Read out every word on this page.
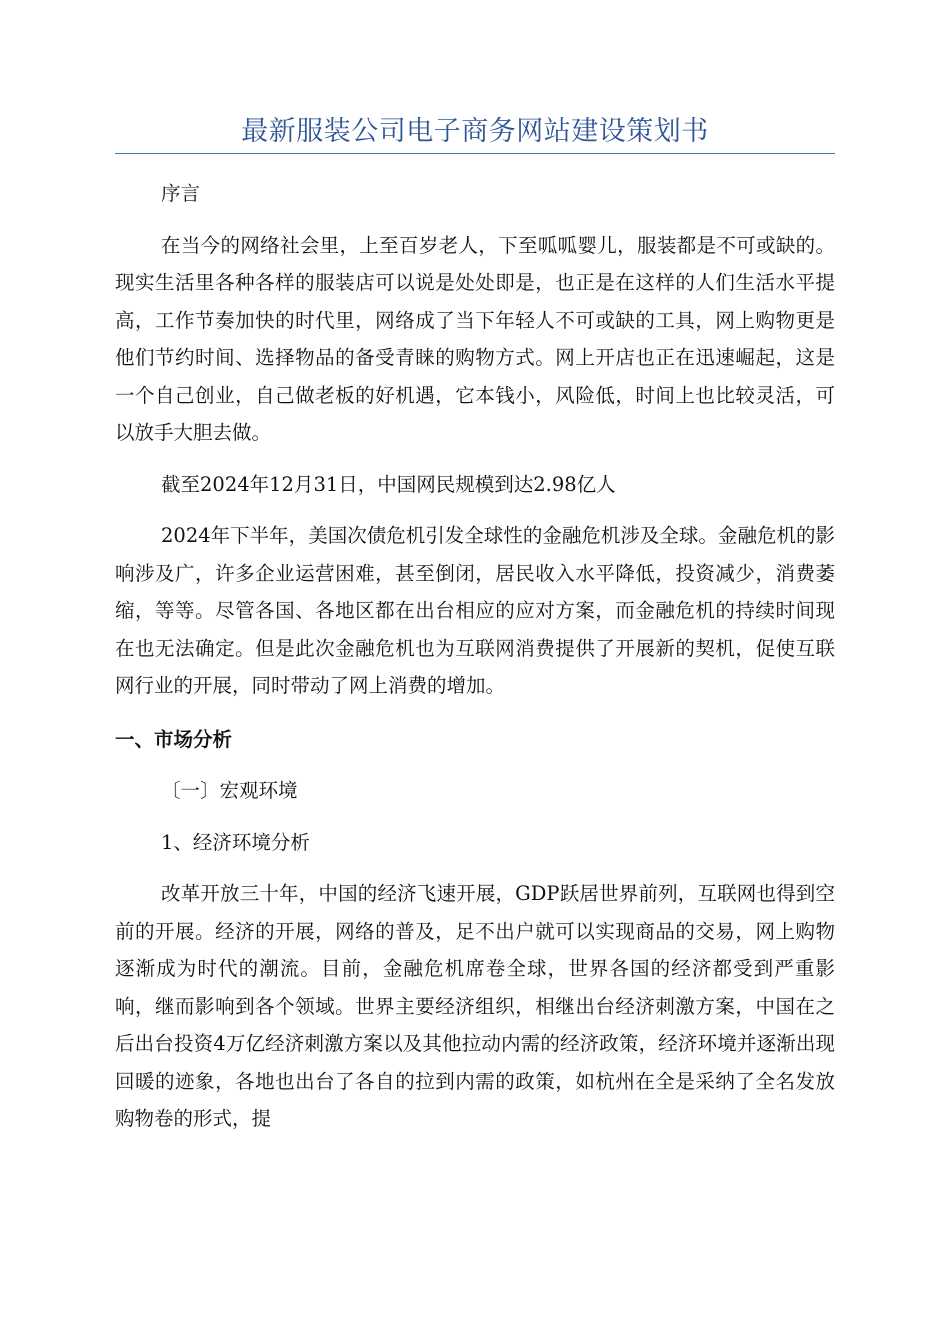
最新服装公司电子商务网站建设策划书

序言

在当今的网络社会里，上至百岁老人，下至呱呱婴儿，服装都是不可或缺的。现实生活里各种各样的服装店可以说是处处即是，也正是在这样的人们生活水平提高，工作节奏加快的时代里，网络成了当下年轻人不可或缺的工具，网上购物更是他们节约时间、选择物品的备受青睐的购物方式。网上开店也正在迅速崛起，这是一个自己创业，自己做老板的好机遇，它本钱小，风险低，时间上也比较灵活，可以放手大胆去做。

截至2024年12月31日，中国网民规模到达2.98亿人

2024年下半年，美国次债危机引发全球性的金融危机涉及全球。金融危机的影响涉及广，许多企业运营困难，甚至倒闭，居民收入水平降低，投资减少，消费萎缩，等等。尽管各国、各地区都在出台相应的应对方案，而金融危机的持续时间现在也无法确定。但是此次金融危机也为互联网消费提供了开展新的契机，促使互联网行业的开展，同时带动了网上消费的增加。

一、市场分析

〔一〕宏观环境

1、经济环境分析

改革开放三十年，中国的经济飞速开展，GDP跃居世界前列，互联网也得到空前的开展。经济的开展，网络的普及，足不出户就可以实现商品的交易，网上购物逐渐成为时代的潮流。目前，金融危机席卷全球，世界各国的经济都受到严重影响，继而影响到各个领域。世界主要经济组织，相继出台经济刺激方案，中国在之后出台投资4万亿经济刺激方案以及其他拉动内需的经济政策，经济环境并逐渐出现回暖的迹象，各地也出台了各自的拉到内需的政策，如杭州在全是采纳了全名发放购物卷的形式，提
